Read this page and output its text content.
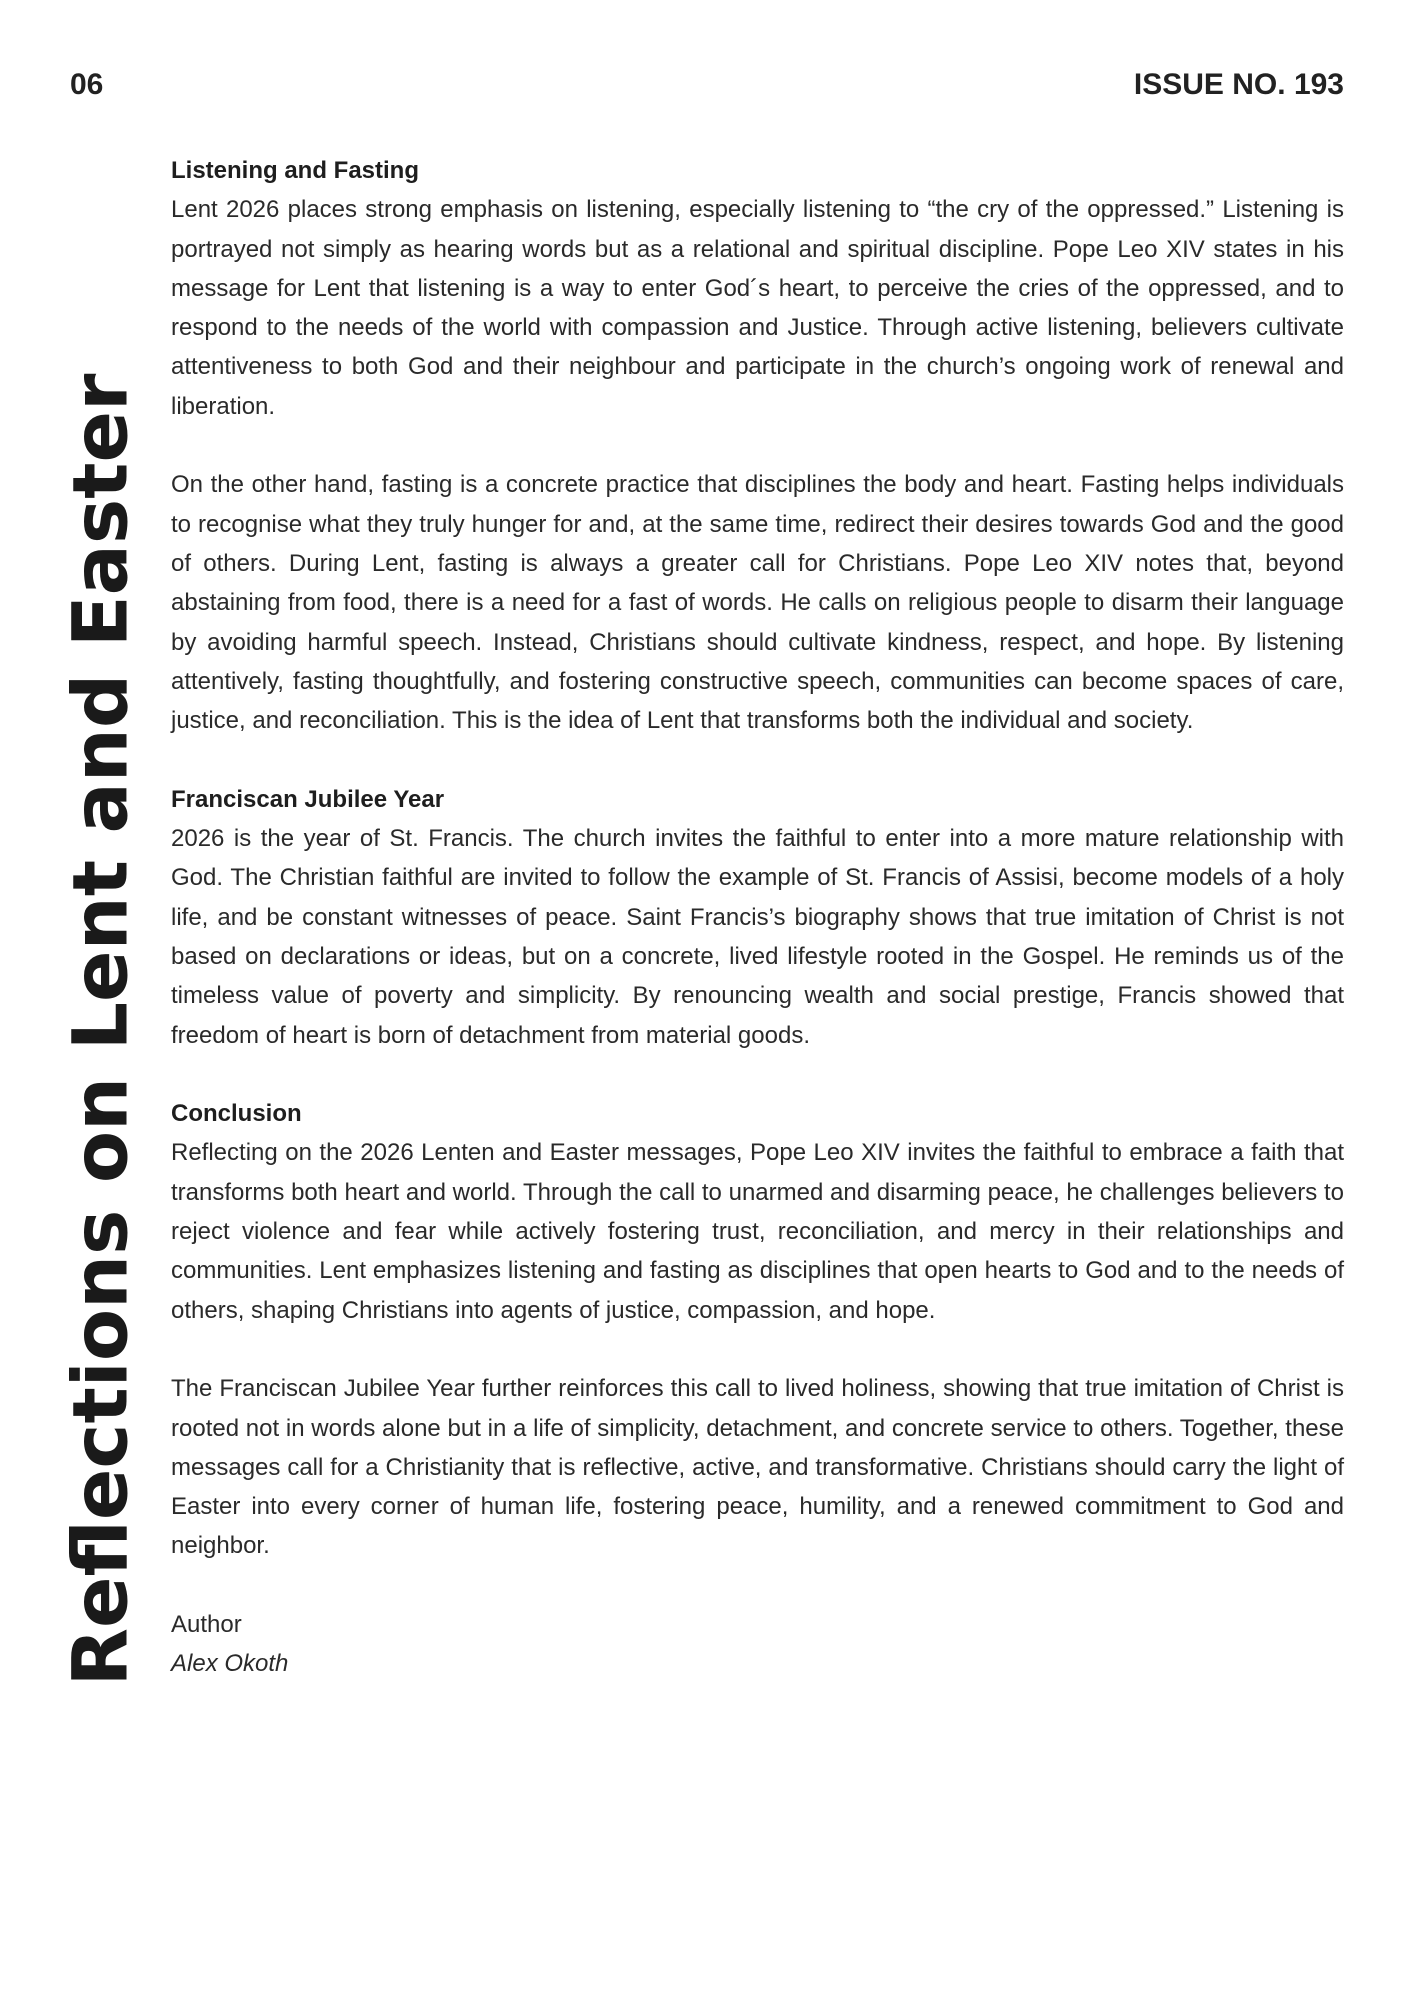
06	ISSUE NO. 193
Reflections on Lent and Easter

Listening and Fasting

Lent 2026 places strong emphasis on listening, especially listening to “the cry of the oppressed.” Listening is portrayed not simply as hearing words but as a relational and spiritual discipline. Pope Leo XIV states in his message for Lent that listening is a way to enter God´s heart, to perceive the cries of the oppressed, and to respond to the needs of the world with compassion and Justice. Through active listening, believers cultivate attentiveness to both God and their neighbour and participate in the church’s ongoing work of renewal and liberation.

On the other hand, fasting is a concrete practice that disciplines the body and heart. Fasting helps individuals to recognise what they truly hunger for and, at the same time, redirect their desires towards God and the good of others. During Lent, fasting is always a greater call for Christians. Pope Leo XIV notes that, beyond abstaining from food, there is a need for a fast of words. He calls on religious people to disarm their language by avoiding harmful speech. Instead, Christians should cultivate kindness, respect, and hope. By listening attentively, fasting thoughtfully, and fostering constructive speech, communities can become spaces of care, justice, and reconciliation. This is the idea of Lent that transforms both the individual and society.

Franciscan Jubilee Year

2026 is the year of St. Francis. The church invites the faithful to enter into a more mature relationship with God. The Christian faithful are invited to follow the example of St. Francis of Assisi, become models of a holy life, and be constant witnesses of peace. Saint Francis’s biography shows that true imitation of Christ is not based on declarations or ideas, but on a concrete, lived lifestyle rooted in the Gospel. He reminds us of the timeless value of poverty and simplicity. By renouncing wealth and social prestige, Francis showed that freedom of heart is born of detachment from material goods.

Conclusion

Reflecting on the 2026 Lenten and Easter messages, Pope Leo XIV invites the faithful to embrace a faith that transforms both heart and world. Through the call to unarmed and disarming peace, he challenges believers to reject violence and fear while actively fostering trust, reconciliation, and mercy in their relationships and communities. Lent emphasizes listening and fasting as disciplines that open hearts to God and to the needs of others, shaping Christians into agents of justice, compassion, and hope.

The Franciscan Jubilee Year further reinforces this call to lived holiness, showing that true imitation of Christ is rooted not in words alone but in a life of simplicity, detachment, and concrete service to others. Together, these messages call for a Christianity that is reflective, active, and transformative. Christians should carry the light of Easter into every corner of human life, fostering peace, humility, and a renewed commitment to God and neighbor.

Author

Alex Okoth
